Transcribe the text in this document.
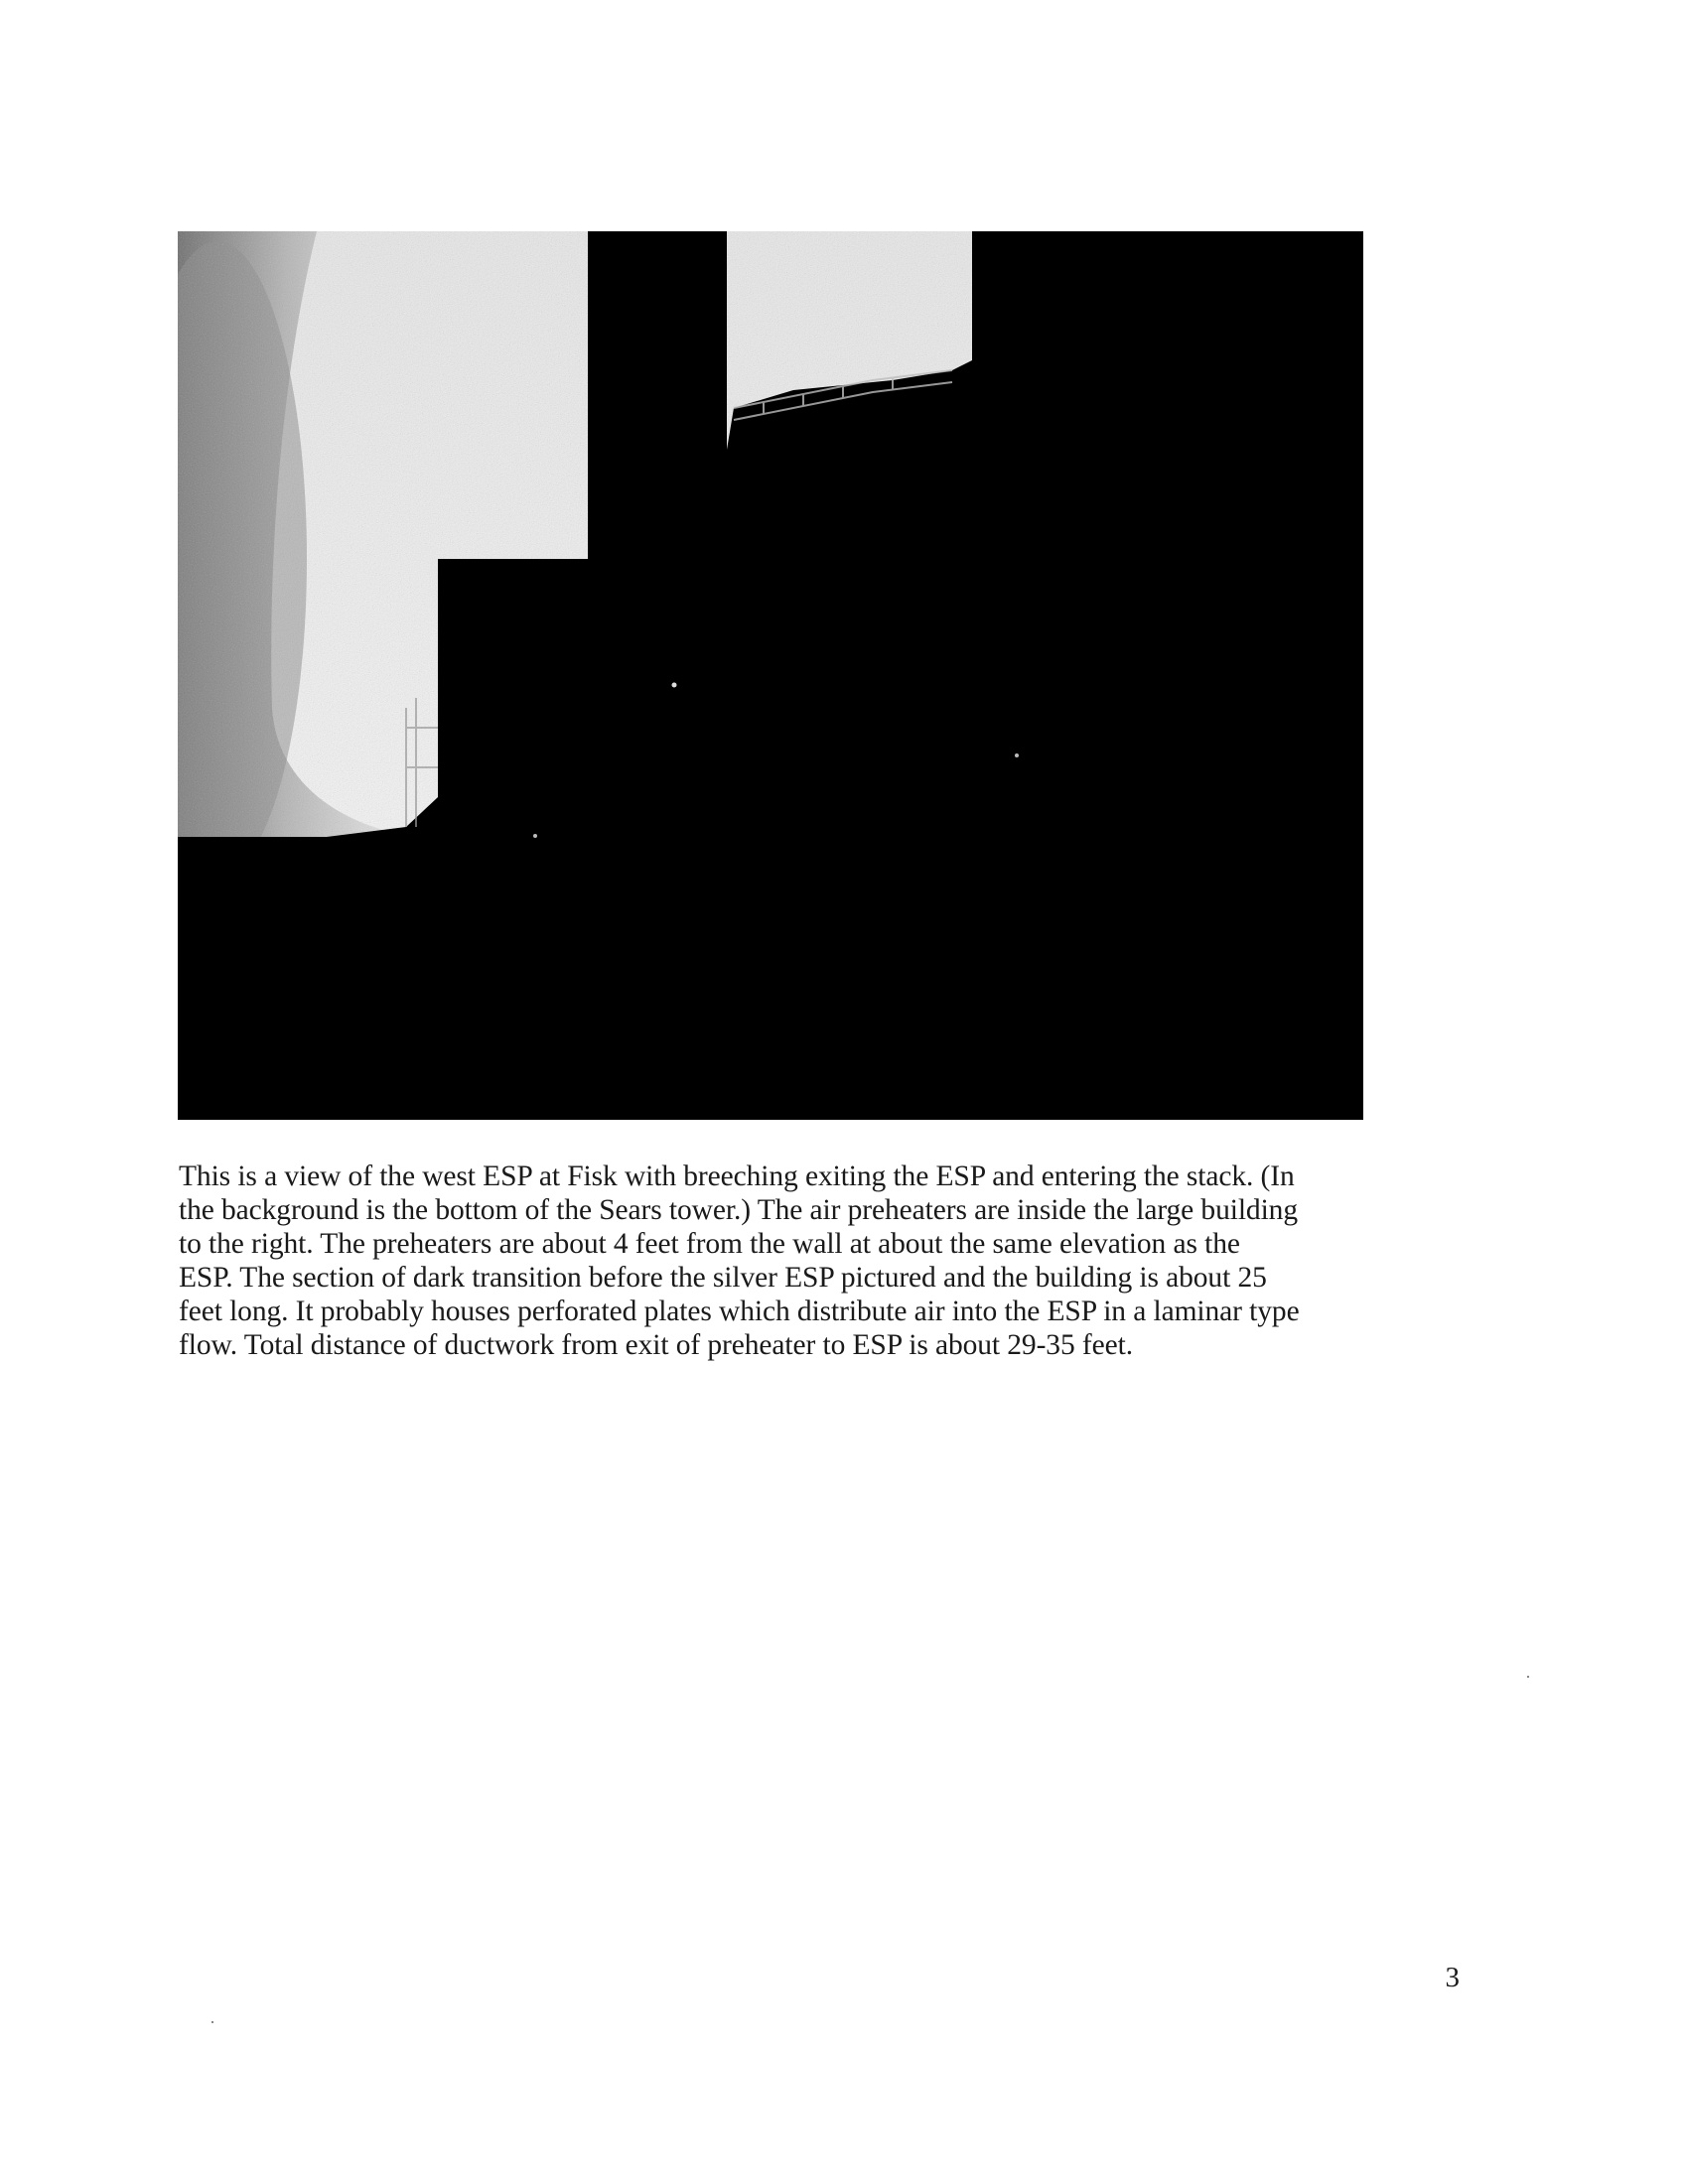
This is a view of the west ESP at Fisk with breeching exiting the ESP and entering the stack. (In
the background is the bottom of the Sears tower.) The air preheaters are inside the large building
to the right. The preheaters are about 4 feet from the wall at about the same elevation as the
ESP. The section of dark transition before the silver ESP pictured and the building is about 25
feet long. It probably houses perforated plates which distribute air into the ESP in a laminar type
flow. Total distance of ductwork from exit of preheater to ESP is about 29-35 feet.

3
